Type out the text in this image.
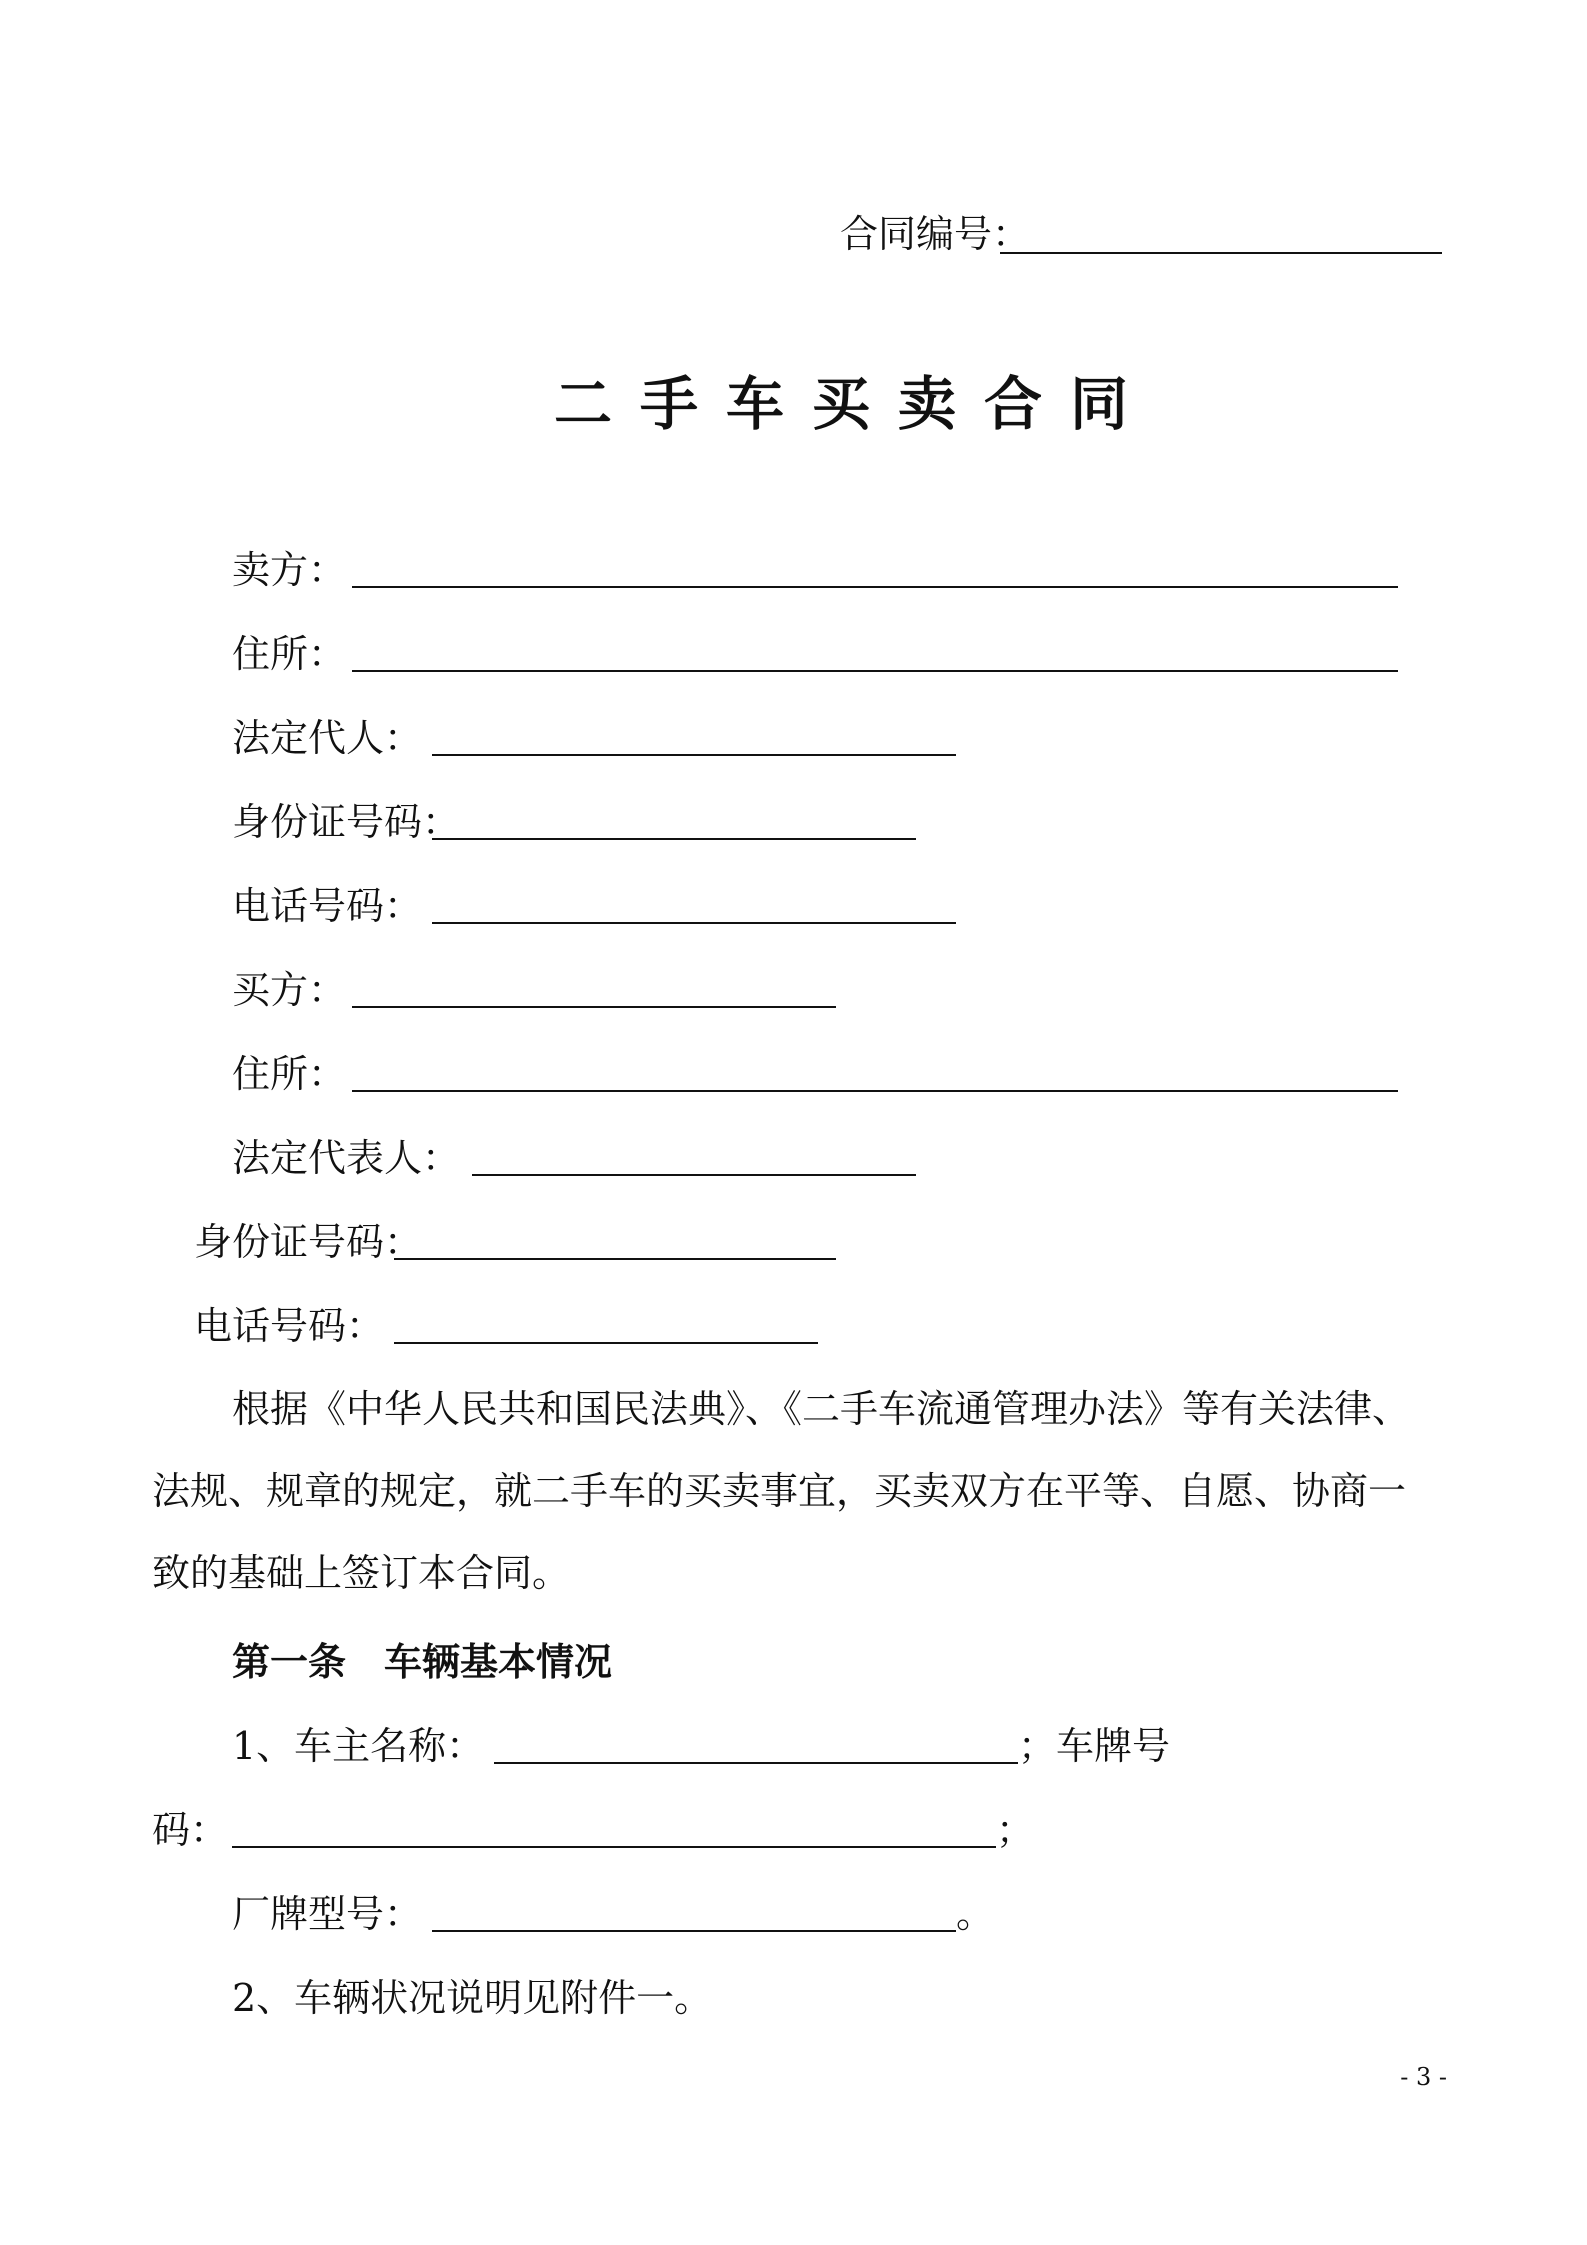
合同编号：
二手车买卖合同
卖方：
住所：
法定代人：
身份证号码：
电话号码：
买方：
住所：
法定代表人：
身份证号码：
电话号码：
根据《中华人民共和国民法典》、《二手车流通管理办法》等有关法律、法规、规章的规定，就二手车的买卖事宜，买卖双方在平等、自愿、协商一致的基础上签订本合同。
第一条　车辆基本情况
1、车主名称：	；车牌号
码：	；
厂牌型号：	。
2、车辆状况说明见附件一。
- 3 -
